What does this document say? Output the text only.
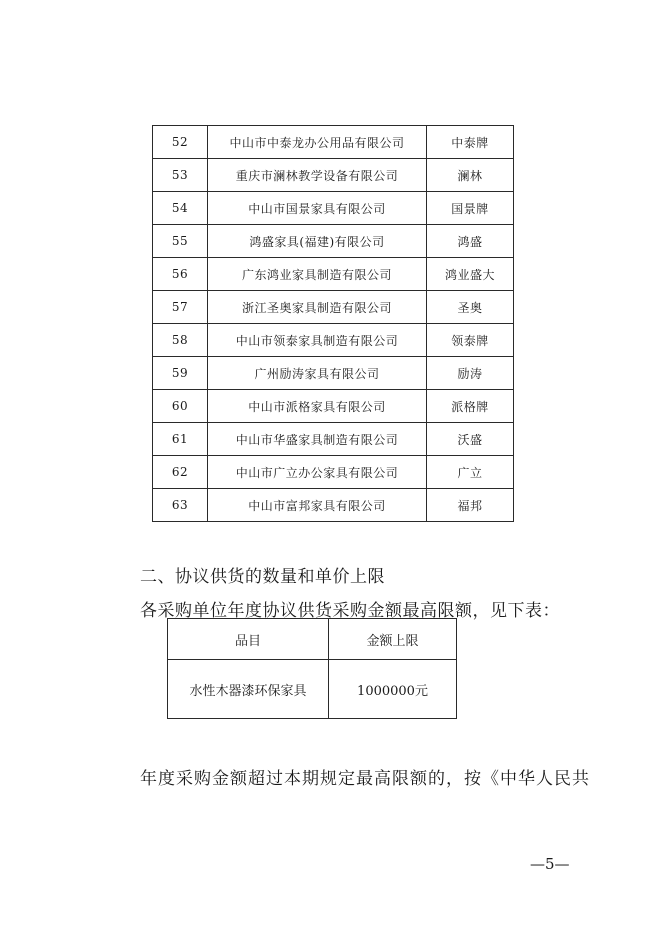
52	中山市中泰龙办公用品有限公司	中泰牌
53	重庆市澜林教学设备有限公司	澜林
54	中山市国景家具有限公司	国景牌
55	鸿盛家具(福建)有限公司	鸿盛
56	广东鸿业家具制造有限公司	鸿业盛大
57	浙江圣奥家具制造有限公司	圣奥
58	中山市领泰家具制造有限公司	领泰牌
59	广州励涛家具有限公司	励涛
60	中山市派格家具有限公司	派格牌
61	中山市华盛家具制造有限公司	沃盛
62	中山市广立办公家具有限公司	广立
63	中山市富邦家具有限公司	福邦
二、协议供货的数量和单价上限
各采购单位年度协议供货采购金额最高限额，见下表：
品目	金额上限
水性木器漆环保家具	1000000元
年度采购金额超过本期规定最高限额的，按《中华人民共
—5—
